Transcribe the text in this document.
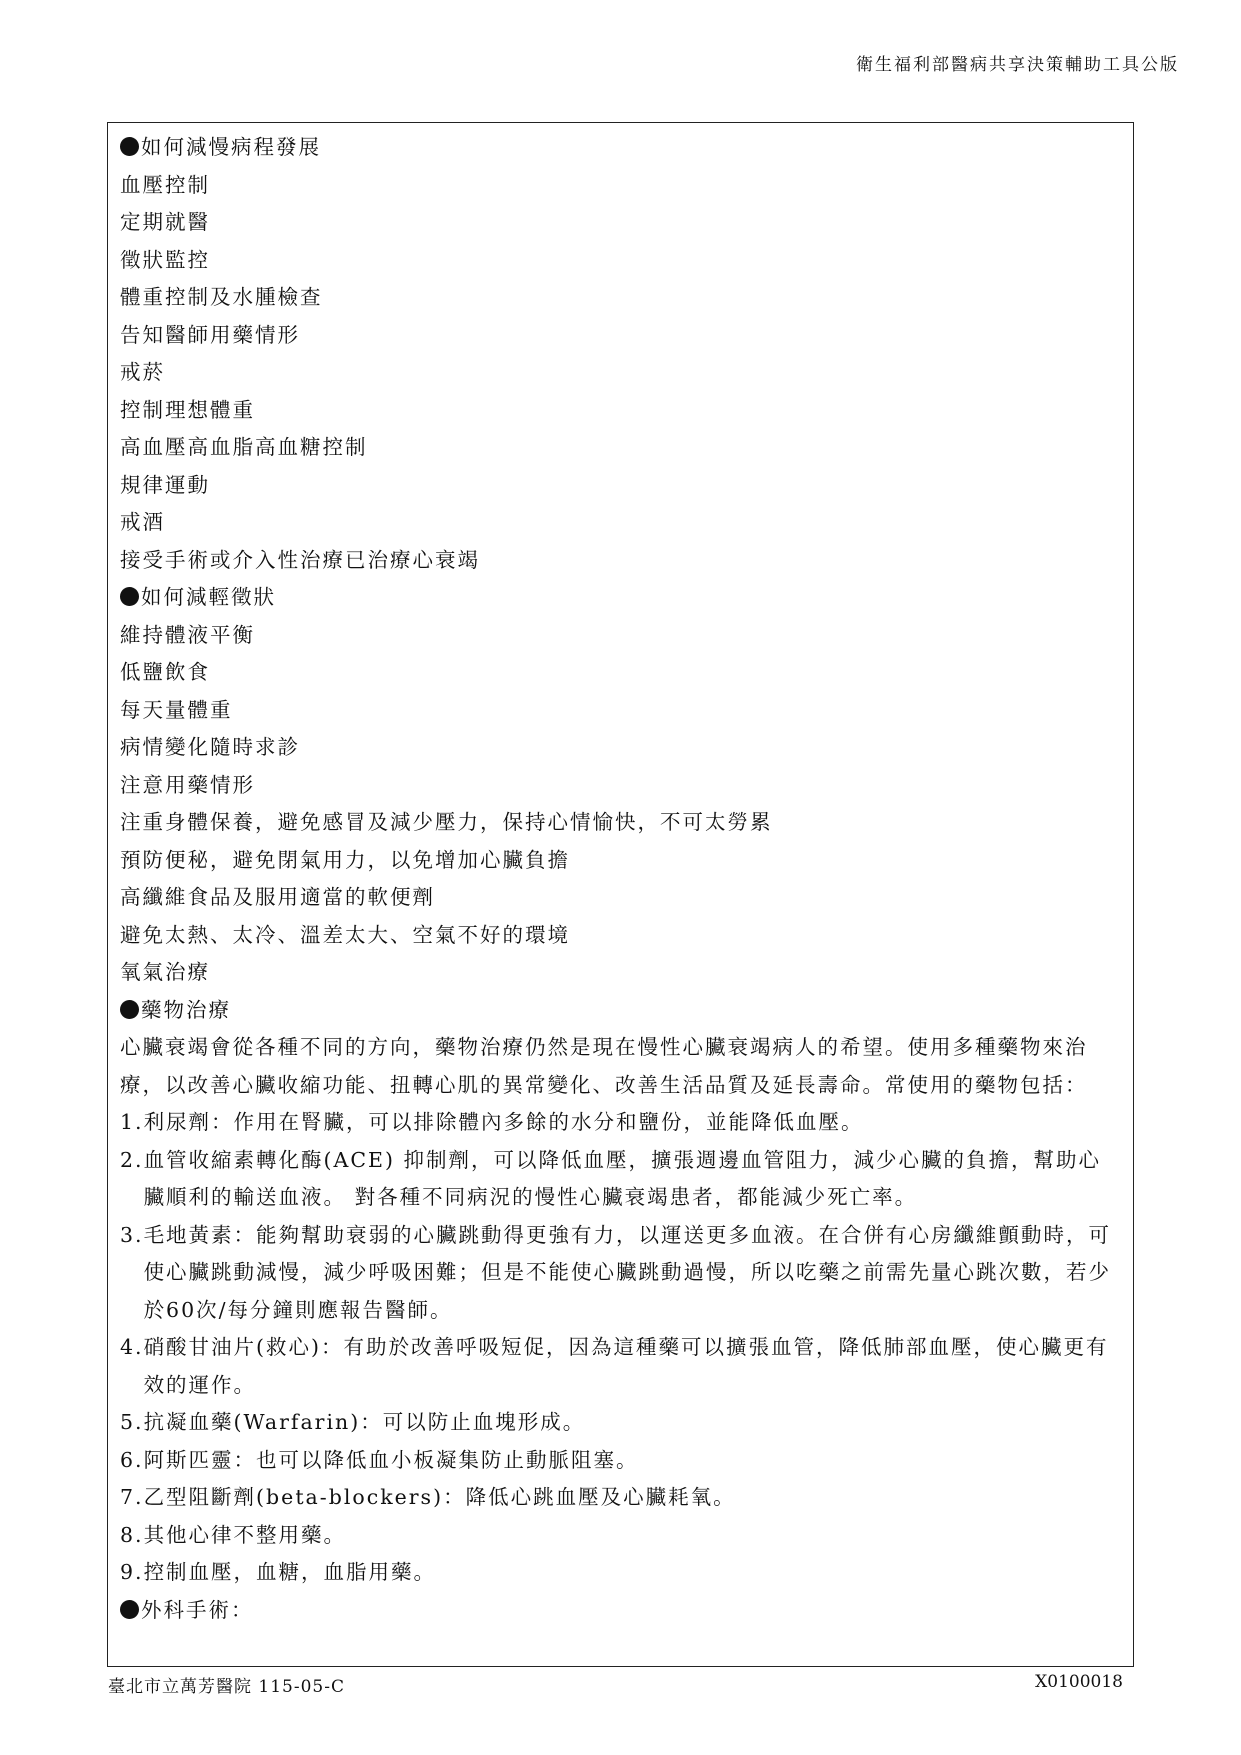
衛生福利部醫病共享決策輔助工具公版
如何減慢病程發展
血壓控制
定期就醫
徵狀監控
體重控制及水腫檢查
告知醫師用藥情形
戒菸
控制理想體重
高血壓高血脂高血糖控制
規律運動
戒酒
接受手術或介入性治療已治療心衰竭
如何減輕徵狀
維持體液平衡
低鹽飲食
每天量體重
病情變化隨時求診
注意用藥情形
注重身體保養，避免感冒及減少壓力，保持心情愉快，不可太勞累
預防便秘，避免閉氣用力，以免增加心臟負擔
高纖維食品及服用適當的軟便劑
避免太熱、太冷、溫差太大、空氣不好的環境
氧氣治療
藥物治療
心臟衰竭會從各種不同的方向，藥物治療仍然是現在慢性心臟衰竭病人的希望。使用多種藥物來治療，以改善心臟收縮功能、扭轉心肌的異常變化、改善生活品質及延長壽命。常使用的藥物包括：
1. 利尿劑：作用在腎臟，可以排除體內多餘的水分和鹽份，並能降低血壓。
2. 血管收縮素轉化酶(ACE) 抑制劑，可以降低血壓，擴張週邊血管阻力，減少心臟的負擔，幫助心臟順利的輸送血液。 對各種不同病況的慢性心臟衰竭患者，都能減少死亡率。
3. 毛地黃素：能夠幫助衰弱的心臟跳動得更強有力，以運送更多血液。在合併有心房纖維顫動時，可使心臟跳動減慢，減少呼吸困難；但是不能使心臟跳動過慢，所以吃藥之前需先量心跳次數，若少於60次/每分鐘則應報告醫師。
4. 硝酸甘油片(救心)：有助於改善呼吸短促，因為這種藥可以擴張血管，降低肺部血壓，使心臟更有效的運作。
5. 抗凝血藥(Warfarin)：可以防止血塊形成。
6. 阿斯匹靈：也可以降低血小板凝集防止動脈阻塞。
7. 乙型阻斷劑(beta-blockers)：降低心跳血壓及心臟耗氧。
8. 其他心律不整用藥。
9. 控制血壓，血糖，血脂用藥。
外科手術：
臺北市立萬芳醫院 115-05-C	X0100018
